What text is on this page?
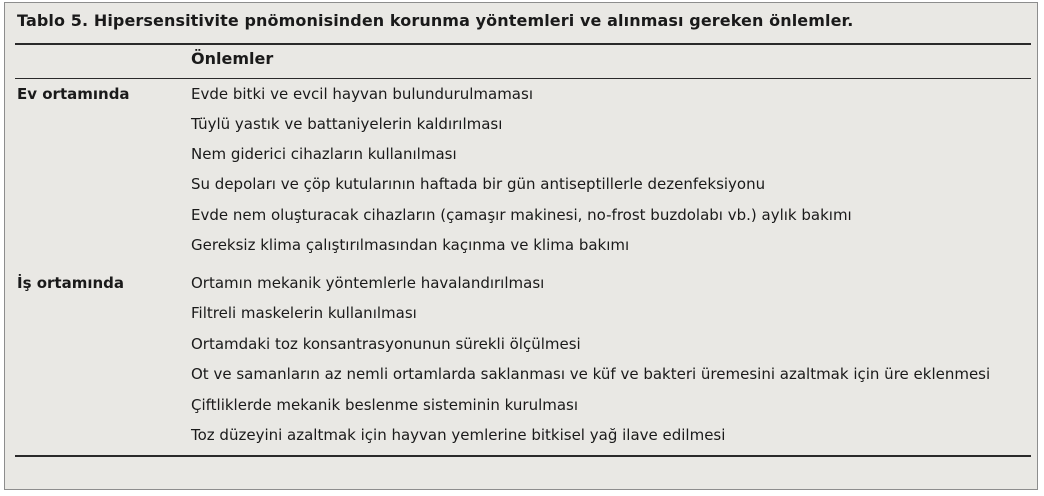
Tablo 5. Hipersensitivite pnömonisinden korunma yöntemleri ve alınması gereken önlemler.
Önlemler
Ev ortamında	Evde bitki ve evcil hayvan bulundurulmaması
Tüylü yastık ve battaniyelerin kaldırılması
Nem giderici cihazların kullanılması
Su depoları ve çöp kutularının haftada bir gün antiseptillerle dezenfeksiyonu
Evde nem oluşturacak cihazların (çamaşır makinesi, no-frost buzdolabı vb.) aylık bakımı
Gereksiz klima çalıştırılmasından kaçınma ve klima bakımı
İş ortamında	Ortamın mekanik yöntemlerle havalandırılması
Filtreli maskelerin kullanılması
Ortamdaki toz konsantrasyonunun sürekli ölçülmesi
Ot ve samanların az nemli ortamlarda saklanması ve küf ve bakteri üremesini azaltmak için üre eklenmesi
Çiftliklerde mekanik beslenme sisteminin kurulması
Toz düzeyini azaltmak için hayvan yemlerine bitkisel yağ ilave edilmesi
